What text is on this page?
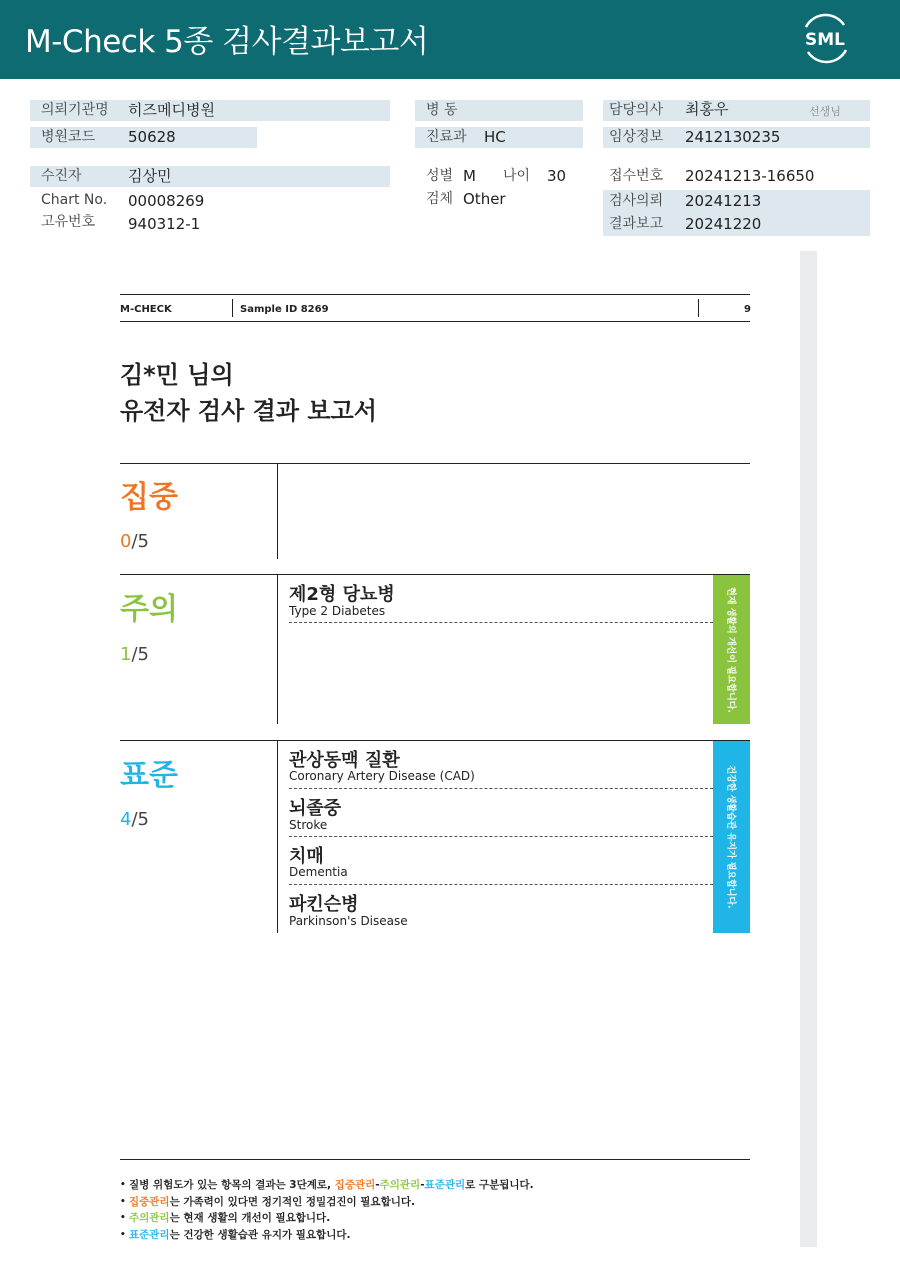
M-Check 5종 검사결과보고서	SML
의뢰기관명 히즈메디병원
병원코드 50628
수진자	김상민
Chart No. 00008269
고유번호 940312-1
병 동
진료과 HC
성별 M 나이 30
검체 Other
담당의사 최홍우	선생님
임상정보 2412130235
접수번호 20241213-16650
검사의뢰 20241213
결과보고 20241220
M-CHECK	Sample ID 8269	9
김*민 님의
유전자 검사 결과 보고서
집중
0/5
주의
1/5
제2형 당뇨병
Type 2 Diabetes	현재 생활의 개선이 필요합니다.
표준
4/5
관상동맥 질환
Coronary Artery Disease (CAD)
뇌졸중
Stroke
치매
Dementia
파킨슨병
Parkinson's Disease
건강한 생활습관 유지가 필요합니다.
• 질병 위험도가 있는 항목의 결과는 3단계로, 집중관리-주의관리-표준관리로 구분됩니다.
• 집중관리는 가족력이 있다면 정기적인 정밀검진이 필요합니다.
• 주의관리는 현재 생활의 개선이 필요합니다.
• 표준관리는 건강한 생활습관 유지가 필요합니다.
